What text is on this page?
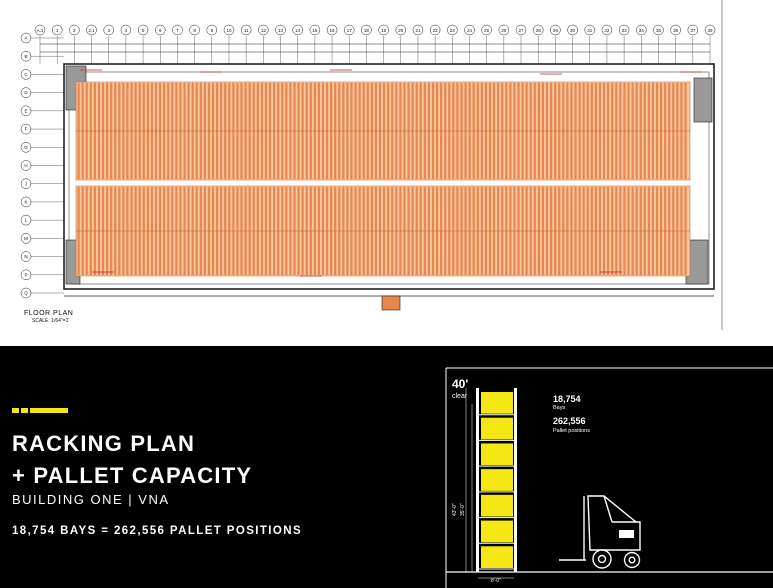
A.1	1	2	2.1	3	4	5	6	7	8	9	10	11	12	13	14	15	16	17	18	19	20	21	22	23	24	25	26	27	28	29	30	31	32	33	34	35	36	37	38
A
B
C
D
E
F
G
H
J
K
L
M
N
P
Q
FLOOR PLAN
SCALE: 1/64"=1'
RACKING PLAN
+ PALLET CAPACITY
BUILDING ONE | VNA
18,754 BAYS = 262,556 PALLET POSITIONS
40'
clear	18,754
Bays
262,556
Pallet positions
43'-0" 35'-0"
8'-0"
